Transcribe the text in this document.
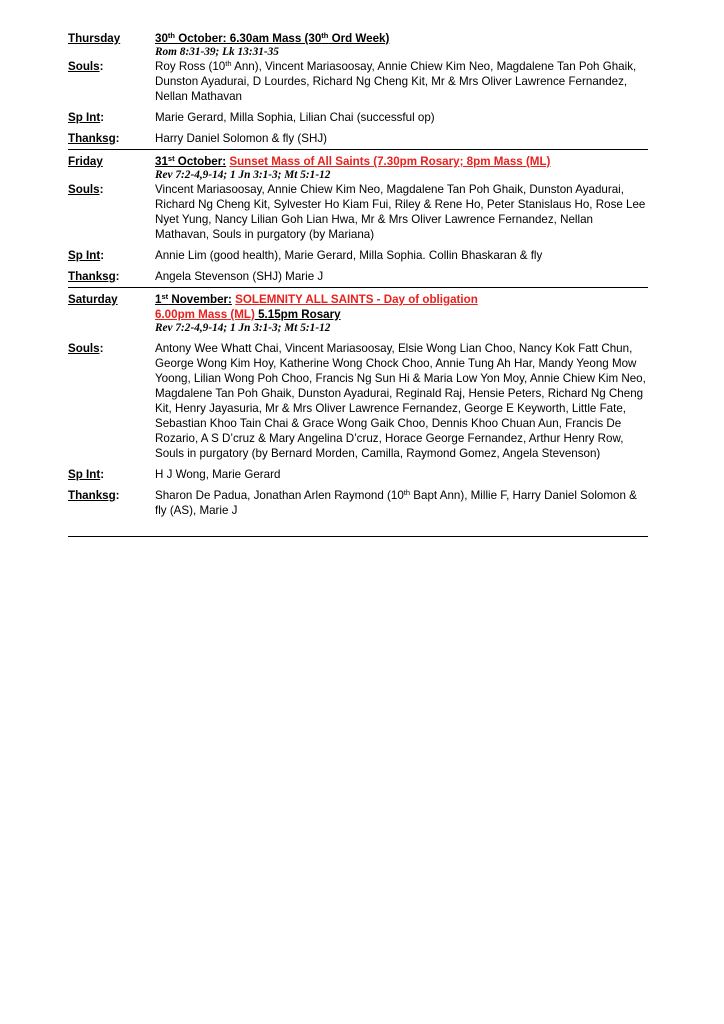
Thursday	30th October: 6.30am Mass (30th Ord Week)
Rom 8:31-39; Lk 13:31-35
Souls:	Roy Ross (10th Ann), Vincent Mariasoosay, Annie Chiew Kim Neo, Magdalene Tan Poh Ghaik, Dunston Ayadurai, D Lourdes, Richard Ng Cheng Kit, Mr & Mrs Oliver Lawrence Fernandez, Nellan Mathavan
Sp Int:	Marie Gerard, Milla Sophia, Lilian Chai (successful op)
Thanksg:	Harry Daniel Solomon & fly (SHJ)
Friday	31st October: Sunset Mass of All Saints (7.30pm Rosary; 8pm Mass (ML)
Rev 7:2-4,9-14; 1 Jn 3:1-3; Mt 5:1-12
Souls:	Vincent Mariasoosay, Annie Chiew Kim Neo, Magdalene Tan Poh Ghaik, Dunston Ayadurai, Richard Ng Cheng Kit, Sylvester Ho Kiam Fui, Riley & Rene Ho, Peter Stanislaus Ho, Rose Lee Nyet Yung, Nancy Lilian Goh Lian Hwa, Mr & Mrs Oliver Lawrence Fernandez, Nellan Mathavan, Souls in purgatory (by Mariana)
Sp Int:	Annie Lim (good health), Marie Gerard, Milla Sophia. Collin Bhaskaran & fly
Thanksg:	Angela Stevenson (SHJ) Marie J
Saturday	1st November: SOLEMNITY ALL SAINTS - Day of obligation
6.00pm Mass (ML) 5.15pm Rosary
Rev 7:2-4,9-14; 1 Jn 3:1-3; Mt 5:1-12
Souls:	Antony Wee Whatt Chai, Vincent Mariasoosay, Elsie Wong Lian Choo, Nancy Kok Fatt Chun, George Wong Kim Hoy, Katherine Wong Chock Choo, Annie Tung Ah Har, Mandy Yeong Mow Yoong, Lilian Wong Poh Choo, Francis Ng Sun Hi & Maria Low Yon Moy, Annie Chiew Kim Neo, Magdalene Tan Poh Ghaik, Dunston Ayadurai, Reginald Raj, Hensie Peters, Richard Ng Cheng Kit, Henry Jayasuria, Mr & Mrs Oliver Lawrence Fernandez, George E Keyworth, Little Fate, Sebastian Khoo Tain Chai & Grace Wong Gaik Choo, Dennis Khoo Chuan Aun, Francis De Rozario, A S D’cruz & Mary Angelina D’cruz, Horace George Fernandez, Arthur Henry Row, Souls in purgatory (by Bernard Morden, Camilla, Raymond Gomez, Angela Stevenson)
Sp Int:	H J Wong, Marie Gerard
Thanksg:	Sharon De Padua, Jonathan Arlen Raymond (10th Bapt Ann), Millie F, Harry Daniel Solomon & fly (AS), Marie J
